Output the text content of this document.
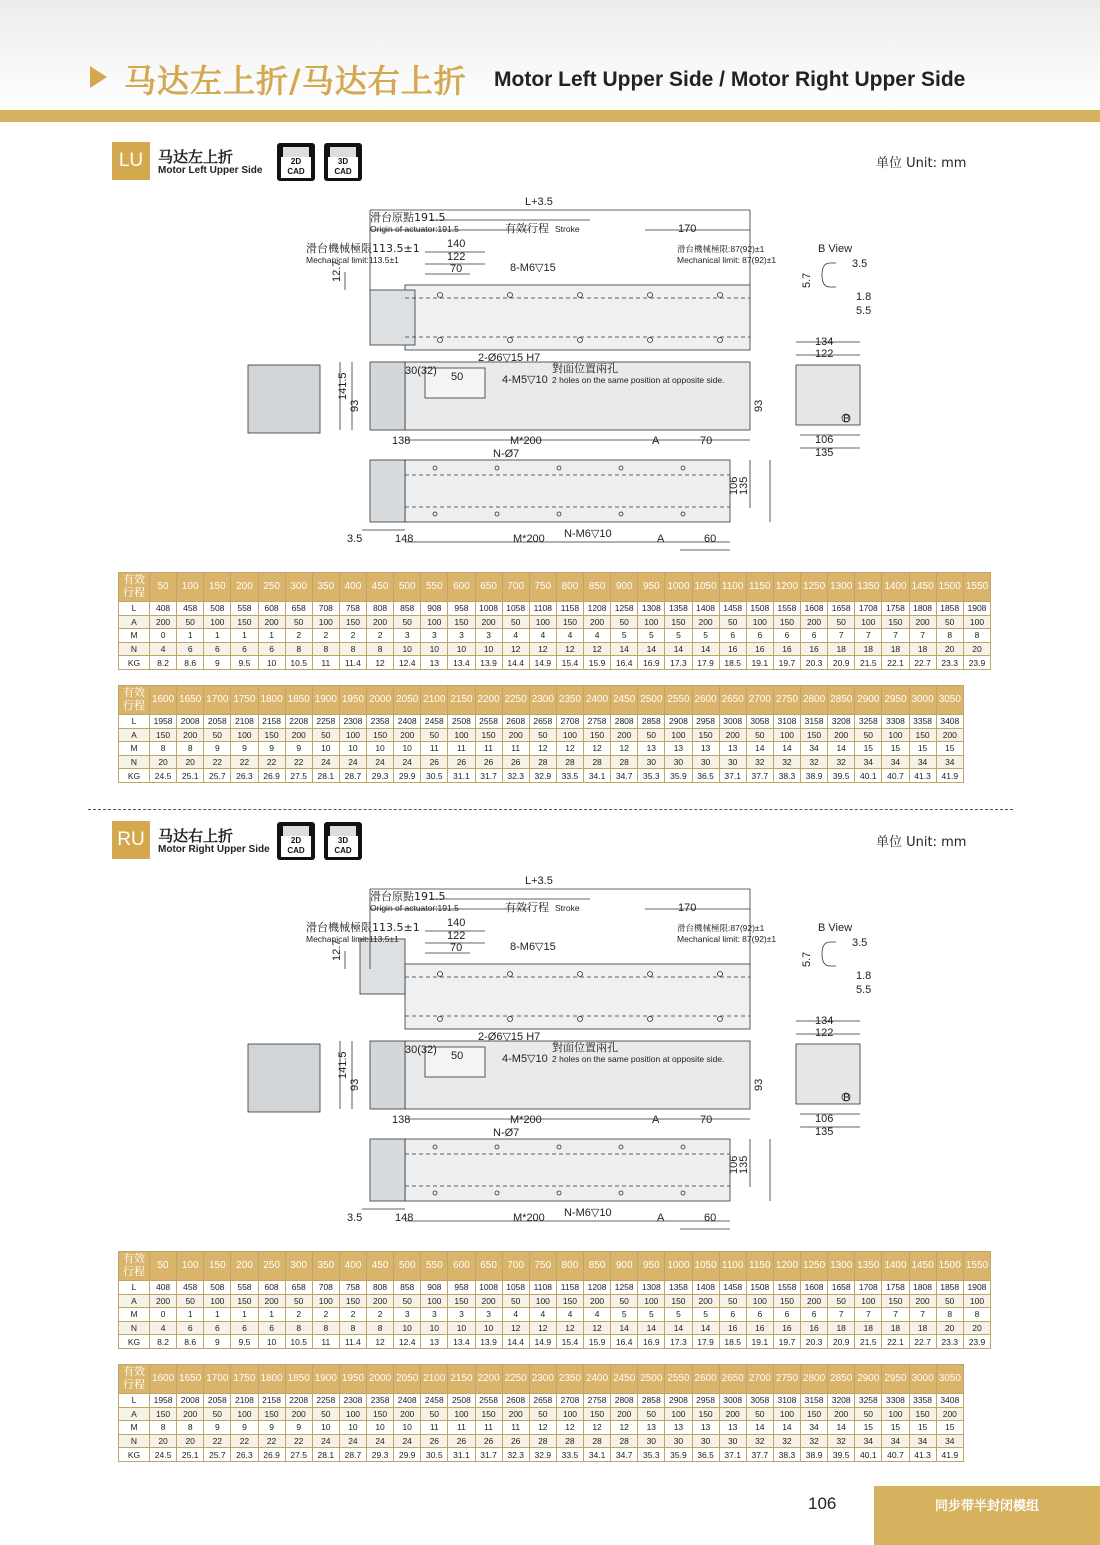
马达左上折/马达右上折 Motor Left Upper Side / Motor Right Upper Side
LU 马达左上折
Motor Left Upper Side
2D
CAD
3D
CAD
单位 Unit: mm
L+3.5
滑台原點191.5
Origin of actuator:191.5	有效行程 Stroke	170
滑台機械極限113.5±1
Mechanical limit:113.5±1
140
122
70	8-M6▽15
滑台機械極限:87(92)±1
Mechanical limit: 87(92)±1
B View
3.5
5.7
1.8
5.5
12.7
2-Ø6▽15 H7
134
122
30(32) 50
對面位置兩孔
4-M5▽10 2 holes on the same position at opposite side.
141.5
93	93
B
106
135
138	M*200	A	70
N-Ø7
106
135
3.5	148	M*200 N-M6▽10	A	60
有效行程	50	100	150	200	250	300	350	400	450	500	550	600	650	700	750	800	850	900	950	1000	1050	1100	1150	1200	1250	1300	1350	1400	1450	1500	1550
L	408	458	508	558	608	658	708	758	808	858	908	958	1008	1058	1108	1158	1208	1258	1308	1358	1408	1458	1508	1558	1608	1658	1708	1758	1808	1858	1908
A	200	50	100	150	200	50	100	150	200	50	100	150	200	50	100	150	200	50	100	150	200	50	100	150	200	50	100	150	200	50	100
M	0	1	1	1	1	2	2	2	2	3	3	3	3	4	4	4	4	5	5	5	5	6	6	6	6	7	7	7	7	8	8
N	4	6	6	6	6	8	8	8	8	10	10	10	10	12	12	12	12	14	14	14	14	16	16	16	16	18	18	18	18	20	20
KG	8.2	8.6	9	9.5	10	10.5	11	11.4	12	12.4	13	13.4	13.9	14.4	14.9	15.4	15.9	16.4	16.9	17.3	17.9	18.5	19.1	19.7	20.3	20.9	21.5	22.1	22.7	23.3	23.9
有效行程	1600	1650	1700	1750	1800	1850	1900	1950	2000	2050	2100	2150	2200	2250	2300	2350	2400	2450	2500	2550	2600	2650	2700	2750	2800	2850	2900	2950	3000	3050
L	1958	2008	2058	2108	2158	2208	2258	2308	2358	2408	2458	2508	2558	2608	2658	2708	2758	2808	2858	2908	2958	3008	3058	3108	3158	3208	3258	3308	3358	3408
A	150	200	50	100	150	200	50	100	150	200	50	100	150	200	50	100	150	200	50	100	150	200	50	100	150	200	50	100	150	200
M	8	8	9	9	9	9	10	10	10	10	11	11	11	11	12	12	12	12	13	13	13	13	14	14	34	14	15	15	15	15
N	20	20	22	22	22	22	24	24	24	24	26	26	26	26	28	28	28	28	30	30	30	30	32	32	32	32	34	34	34	34
KG	24.5	25.1	25.7	26.3	26.9	27.5	28.1	28.7	29.3	29.9	30.5	31.1	31.7	32.3	32.9	33.5	34.1	34.7	35.3	35.9	36.5	37.1	37.7	38.3	38.9	39.5	40.1	40.7	41.3	41.9
RU 马达右上折
Motor Right Upper Side
2D
CAD
3D
CAD
单位 Unit: mm
L+3.5
滑台原點191.5
Origin of actuator:191.5	有效行程 Stroke	170
滑台機械極限113.5±1
Mechanical limit:113.5±1
140
122
70	8-M6▽15
滑台機械極限:87(92)±1
Mechanical limit: 87(92)±1
B View
3.5
5.7
1.8
5.5
12.7
2-Ø6▽15 H7
134
122
30(32) 50
對面位置兩孔
4-M5▽10 2 holes on the same position at opposite side.
141.5
93	93
B
106
135
138	M*200	A	70
N-Ø7
106
135
3.5	148	M*200 N-M6▽10	A	60
有效行程	50	100	150	200	250	300	350	400	450	500	550	600	650	700	750	800	850	900	950	1000	1050	1100	1150	1200	1250	1300	1350	1400	1450	1500	1550
L	408	458	508	558	608	658	708	758	808	858	908	958	1008	1058	1108	1158	1208	1258	1308	1358	1408	1458	1508	1558	1608	1658	1708	1758	1808	1858	1908
A	200	50	100	150	200	50	100	150	200	50	100	150	200	50	100	150	200	50	100	150	200	50	100	150	200	50	100	150	200	50	100
M	0	1	1	1	1	2	2	2	2	3	3	3	3	4	4	4	4	5	5	5	5	6	6	6	6	7	7	7	7	8	8
N	4	6	6	6	6	8	8	8	8	10	10	10	10	12	12	12	12	14	14	14	14	16	16	16	16	18	18	18	18	20	20
KG	8.2	8.6	9	9.5	10	10.5	11	11.4	12	12.4	13	13.4	13.9	14.4	14.9	15.4	15.9	16.4	16.9	17.3	17.9	18.5	19.1	19.7	20.3	20.9	21.5	22.1	22.7	23.3	23.9
有效行程	1600	1650	1700	1750	1800	1850	1900	1950	2000	2050	2100	2150	2200	2250	2300	2350	2400	2450	2500	2550	2600	2650	2700	2750	2800	2850	2900	2950	3000	3050
L	1958	2008	2058	2108	2158	2208	2258	2308	2358	2408	2458	2508	2558	2608	2658	2708	2758	2808	2858	2908	2958	3008	3058	3108	3158	3208	3258	3308	3358	3408
A	150	200	50	100	150	200	50	100	150	200	50	100	150	200	50	100	150	200	50	100	150	200	50	100	150	200	50	100	150	200
M	8	8	9	9	9	9	10	10	10	10	11	11	11	11	12	12	12	12	13	13	13	13	14	14	34	14	15	15	15	15
N	20	20	22	22	22	22	24	24	24	24	26	26	26	26	28	28	28	28	30	30	30	30	32	32	32	32	34	34	34	34
KG	24.5	25.1	25.7	26.3	26.9	27.5	28.1	28.7	29.3	29.9	30.5	31.1	31.7	32.3	32.9	33.5	34.1	34.7	35.3	35.9	36.5	37.1	37.7	38.3	38.9	39.5	40.1	40.7	41.3	41.9
106	同步带半封闭模组
